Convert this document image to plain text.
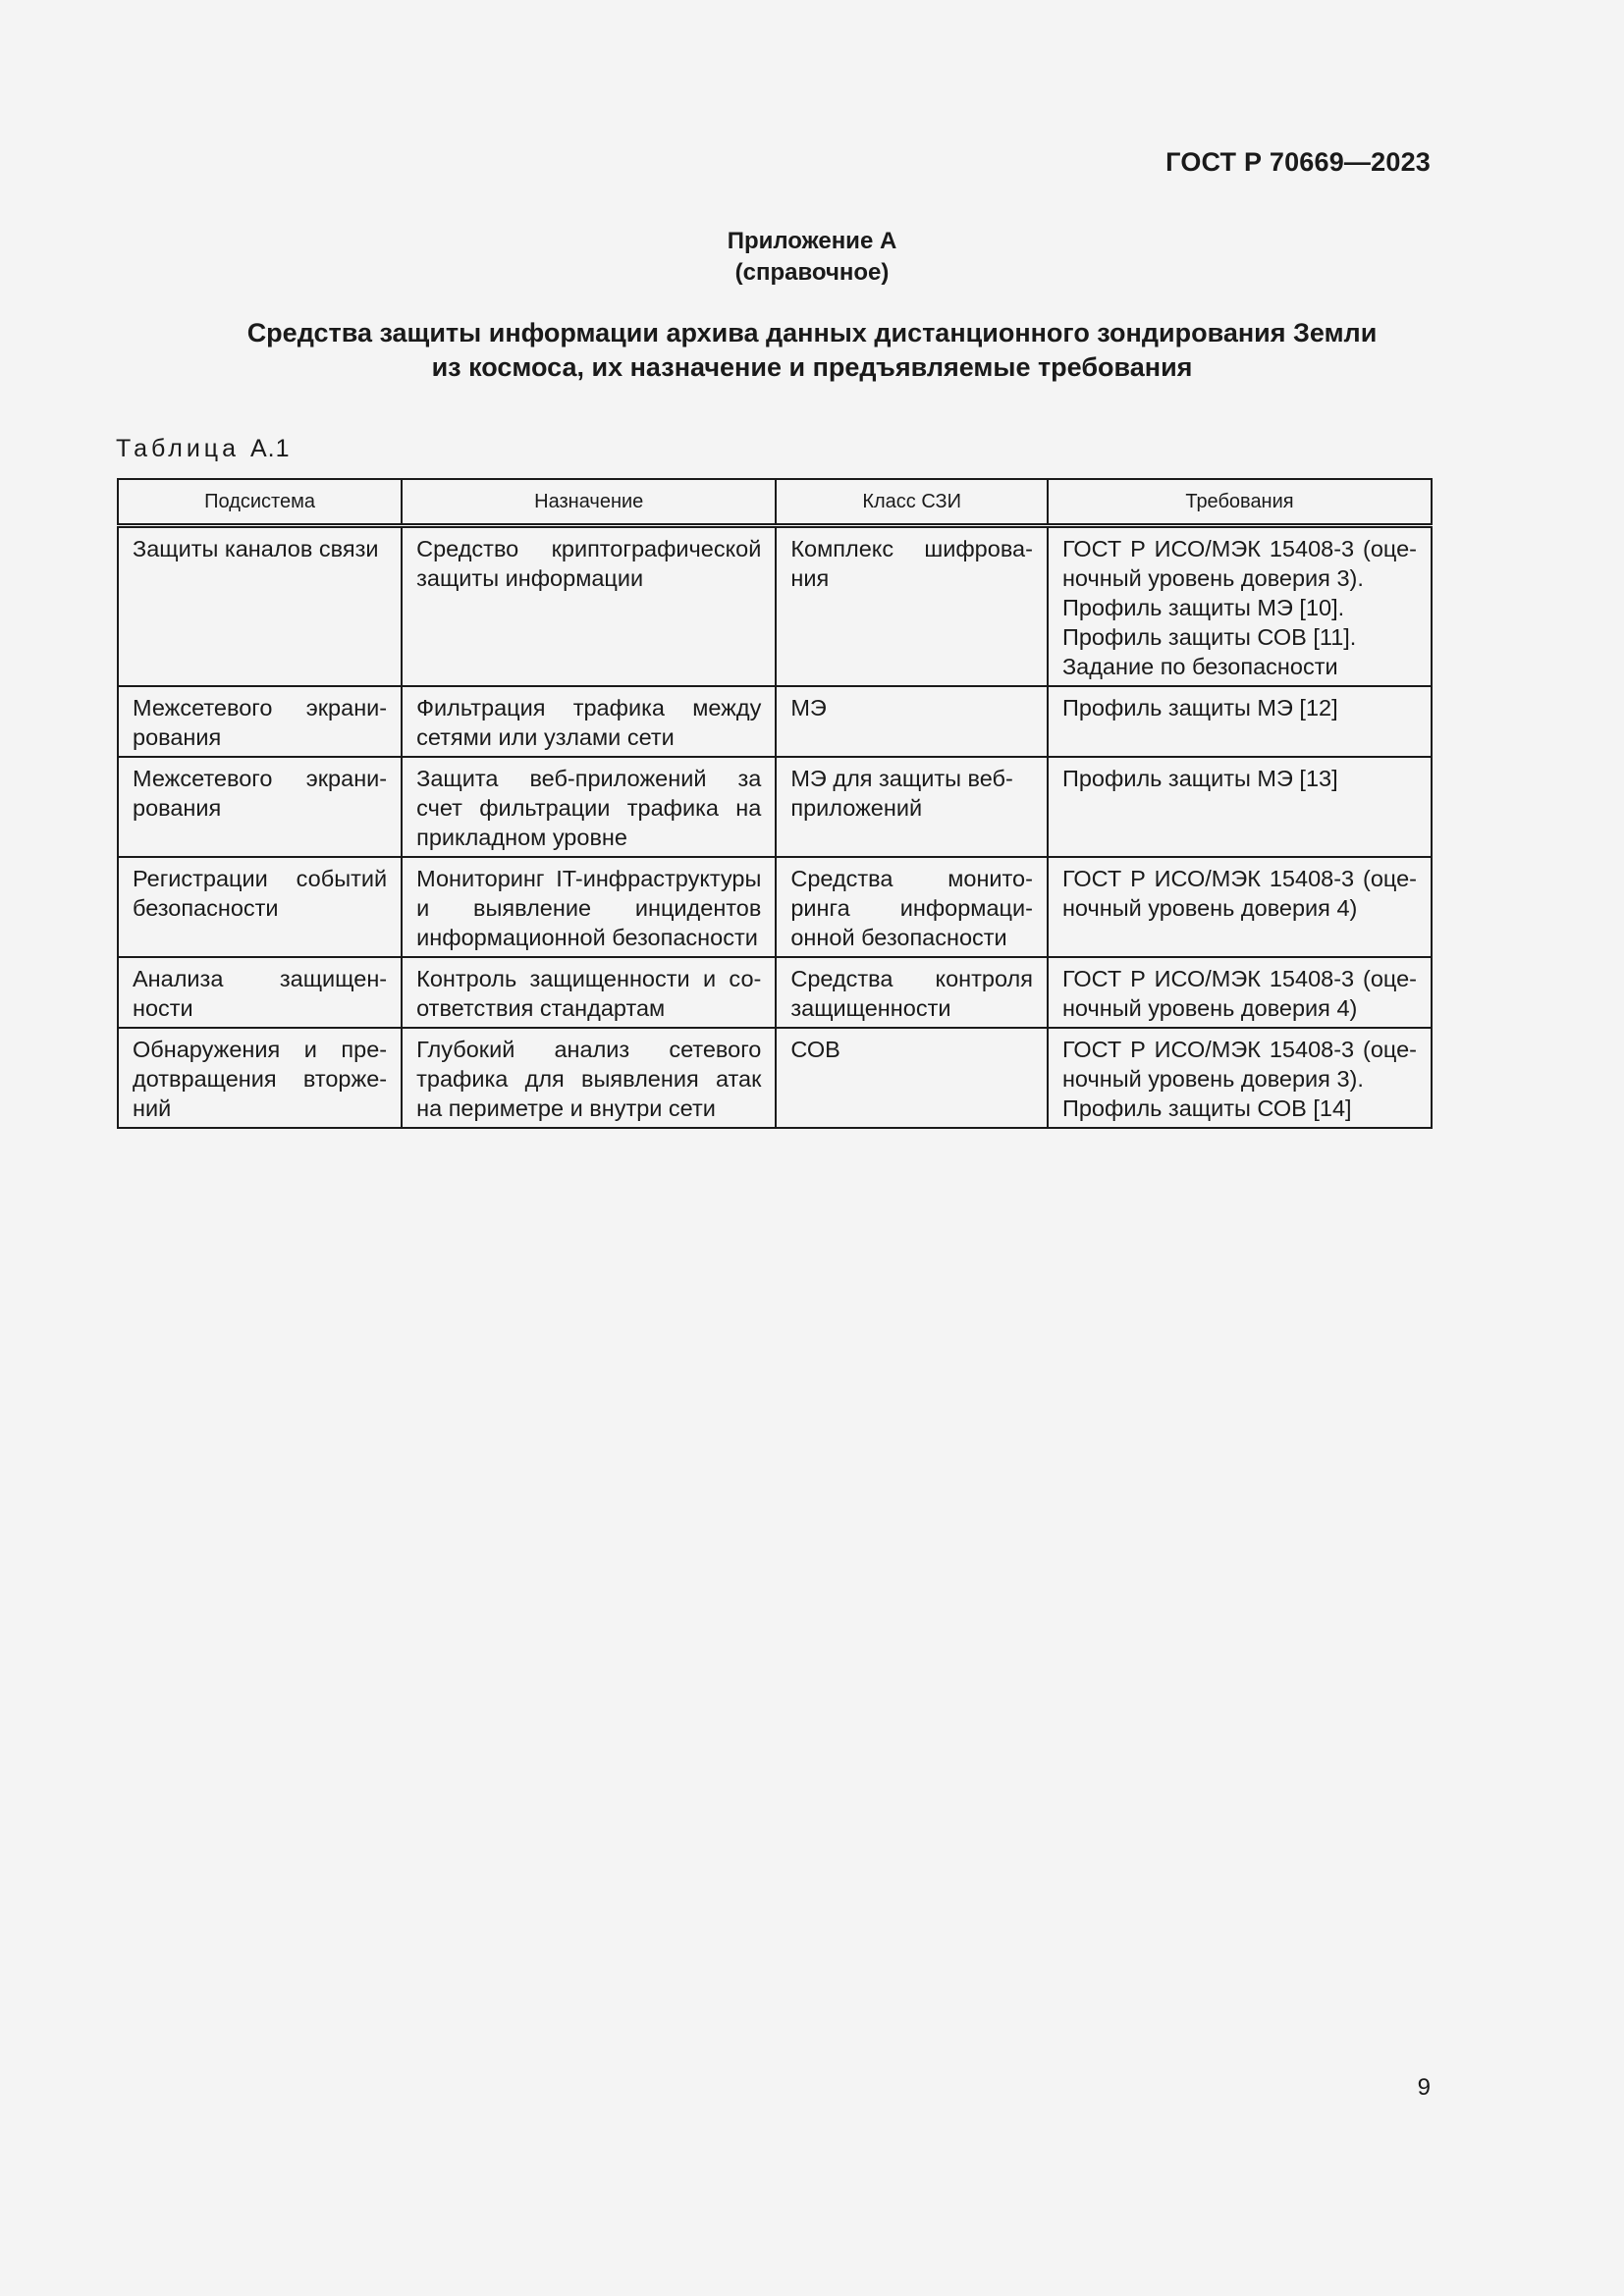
ГОСТ Р 70669—2023
Приложение А
(справочное)
Средства защиты информации архива данных дистанционного зондирования Земли
из космоса, их назначение и предъявляемые требования
Таблица А.1
Подсистема	Назначение	Класс СЗИ	Требования
Защиты каналов связи	Средство криптографической защиты информации	Комплекс шифрования	ГОСТ Р ИСО/МЭК 15408-3 (оценочный уровень доверия 3).
Профиль защиты МЭ [10].
Профиль защиты СОВ [11].
Задание по безопасности

Межсетевого экранирования	Фильтрация трафика между сетями или узлами сети	МЭ	Профиль защиты МЭ [12]

Межсетевого экранирования	Защита веб-приложений за счет фильтрации трафика на прикладном уровне	МЭ для защиты веб-приложений	Профиль защиты МЭ [13]

Регистрации событий безопасности	Мониторинг IT-инфраструктуры и выявление инцидентов информационной безопасности	Средства мониторинга информационной безопасности	ГОСТ Р ИСО/МЭК 15408-3 (оценочный уровень доверия 4)

Анализа защищенности	Контроль защищенности и соответствия стандартам	Средства контроля защищенности	ГОСТ Р ИСО/МЭК 15408-3 (оценочный уровень доверия 4)

Обнаружения и предотвращения вторжений	Глубокий анализ сетевого трафика для выявления атак на периметре и внутри сети	СОВ	ГОСТ Р ИСО/МЭК 15408-3 (оценочный уровень доверия 3).
Профиль защиты СОВ [14]
9
